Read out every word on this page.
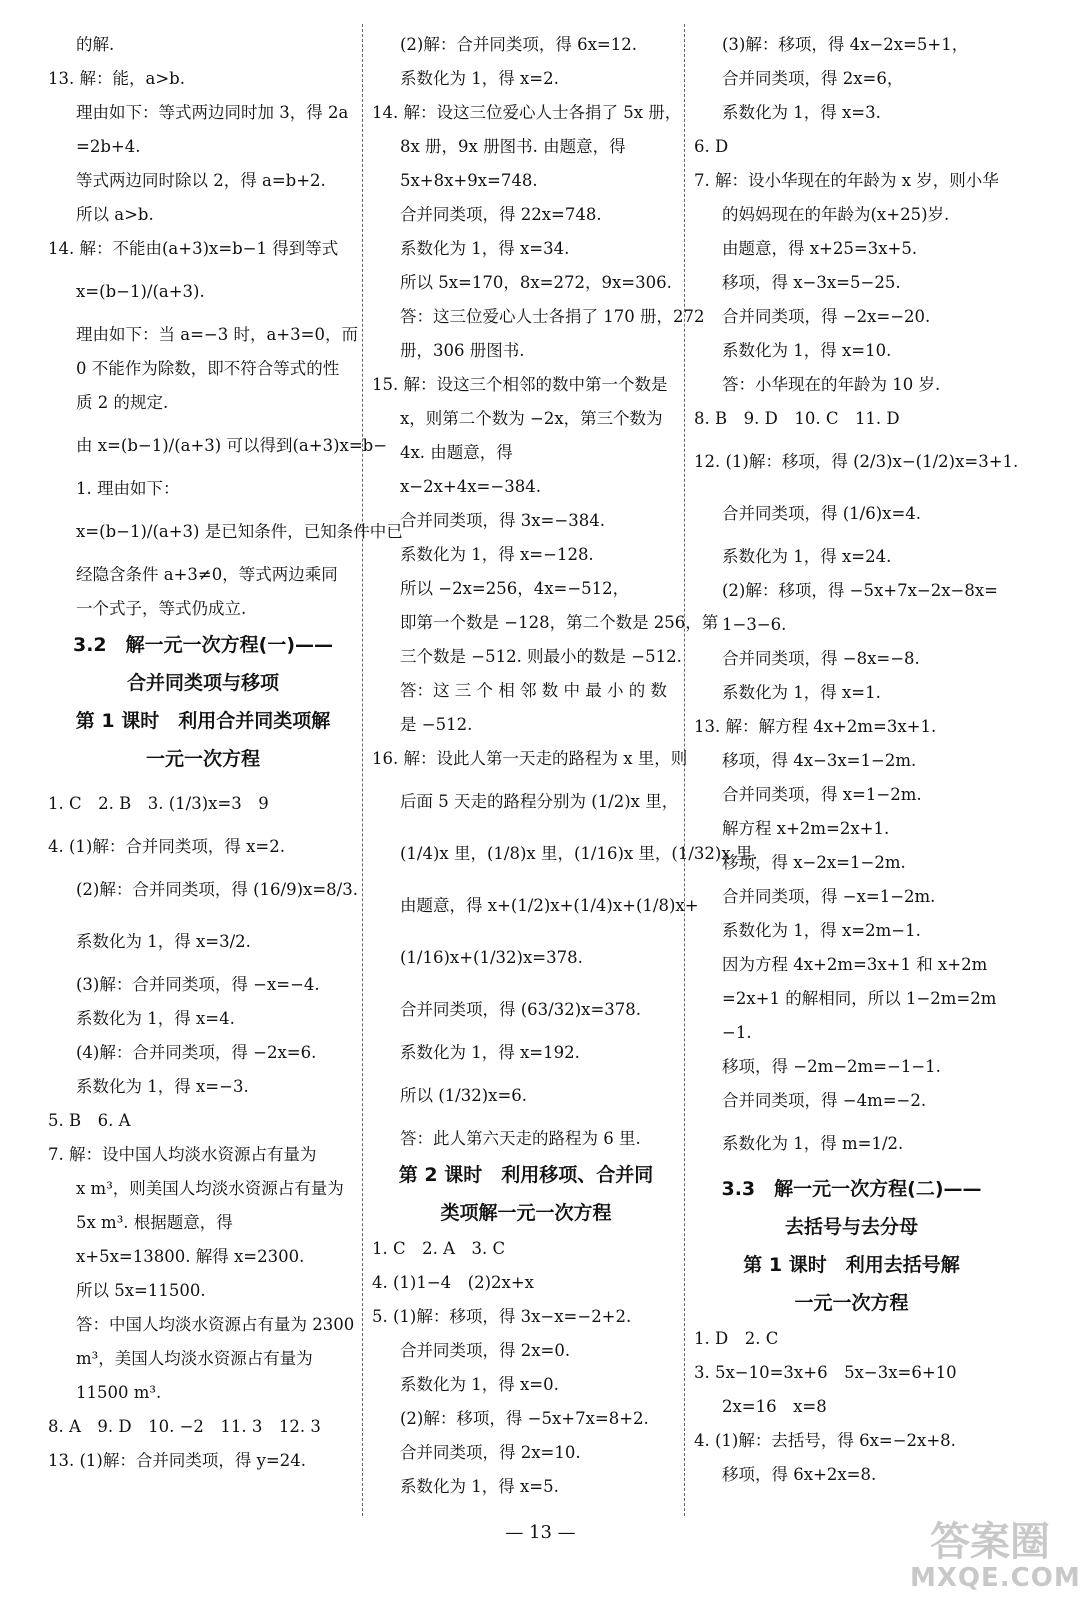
的解.
13. 解：能，a>b.
理由如下：等式两边同时加 3，得 2a
=2b+4.
等式两边同时除以 2，得 a=b+2.
所以 a>b.
14. 解：不能由(a+3)x=b−1 得到等式
x=(b−1)/(a+3).
理由如下：当 a=−3 时，a+3=0，而
0 不能作为除数，即不符合等式的性
质 2 的规定.
由 x=(b−1)/(a+3) 可以得到(a+3)x=b−
1. 理由如下：
x=(b−1)/(a+3) 是已知条件，已知条件中已
经隐含条件 a+3≠0，等式两边乘同
一个式子，等式仍成立.
3.2　解一元一次方程(一)——
合并同类项与移项
第 1 课时　利用合并同类项解
一元一次方程
1. C　2. B　3. (1/3)x=3　9
4. (1)解：合并同类项，得 x=2.
(2)解：合并同类项，得 (16/9)x=8/3.
系数化为 1，得 x=3/2.
(3)解：合并同类项，得 −x=−4.
系数化为 1，得 x=4.
(4)解：合并同类项，得 −2x=6.
系数化为 1，得 x=−3.
5. B　6. A
7. 解：设中国人均淡水资源占有量为
x m³，则美国人均淡水资源占有量为
5x m³. 根据题意，得
x+5x=13800. 解得 x=2300.
所以 5x=11500.
答：中国人均淡水资源占有量为 2300
m³，美国人均淡水资源占有量为
11500 m³.
8. A　9. D　10. −2　11. 3　12. 3
13. (1)解：合并同类项，得 y=24.
(2)解：合并同类项，得 6x=12.
系数化为 1，得 x=2.
14. 解：设这三位爱心人士各捐了 5x 册，
8x 册，9x 册图书. 由题意，得
5x+8x+9x=748.
合并同类项，得 22x=748.
系数化为 1，得 x=34.
所以 5x=170，8x=272，9x=306.
答：这三位爱心人士各捐了 170 册，272
册，306 册图书.
15. 解：设这三个相邻的数中第一个数是
x，则第二个数为 −2x，第三个数为
4x. 由题意，得
x−2x+4x=−384.
合并同类项，得 3x=−384.
系数化为 1，得 x=−128.
所以 −2x=256，4x=−512，
即第一个数是 −128，第二个数是 256，第
三个数是 −512. 则最小的数是 −512.
答：这 三 个 相 邻 数 中 最 小 的 数
是 −512.
16. 解：设此人第一天走的路程为 x 里，则
后面 5 天走的路程分别为 (1/2)x 里，
(1/4)x 里，(1/8)x 里，(1/16)x 里，(1/32)x 里.
由题意，得 x+(1/2)x+(1/4)x+(1/8)x+
(1/16)x+(1/32)x=378.
合并同类项，得 (63/32)x=378.
系数化为 1，得 x=192.
所以 (1/32)x=6.
答：此人第六天走的路程为 6 里.
第 2 课时　利用移项、合并同
类项解一元一次方程
1. C　2. A　3. C
4. (1)1−4　(2)2x+x
5. (1)解：移项，得 3x−x=−2+2.
合并同类项，得 2x=0.
系数化为 1，得 x=0.
(2)解：移项，得 −5x+7x=8+2.
合并同类项，得 2x=10.
系数化为 1，得 x=5.
(3)解：移项，得 4x−2x=5+1，
合并同类项，得 2x=6，
系数化为 1，得 x=3.
6. D
7. 解：设小华现在的年龄为 x 岁，则小华
的妈妈现在的年龄为(x+25)岁.
由题意，得 x+25=3x+5.
移项，得 x−3x=5−25.
合并同类项，得 −2x=−20.
系数化为 1，得 x=10.
答：小华现在的年龄为 10 岁.
8. B　9. D　10. C　11. D
12. (1)解：移项，得 (2/3)x−(1/2)x=3+1.
合并同类项，得 (1/6)x=4.
系数化为 1，得 x=24.
(2)解：移项，得 −5x+7x−2x−8x=
1−3−6.
合并同类项，得 −8x=−8.
系数化为 1，得 x=1.
13. 解：解方程 4x+2m=3x+1.
移项，得 4x−3x=1−2m.
合并同类项，得 x=1−2m.
解方程 x+2m=2x+1.
移项，得 x−2x=1−2m.
合并同类项，得 −x=1−2m.
系数化为 1，得 x=2m−1.
因为方程 4x+2m=3x+1 和 x+2m
=2x+1 的解相同，所以 1−2m=2m
−1.
移项，得 −2m−2m=−1−1.
合并同类项，得 −4m=−2.
系数化为 1，得 m=1/2.
3.3　解一元一次方程(二)——
去括号与去分母
第 1 课时　利用去括号解
一元一次方程
1. D　2. C
3. 5x−10=3x+6　5x−3x=6+10
2x=16　x=8
4. (1)解：去括号，得 6x=−2x+8.
移项，得 6x+2x=8.
— 13 —	答案圈
MXQE.COM
